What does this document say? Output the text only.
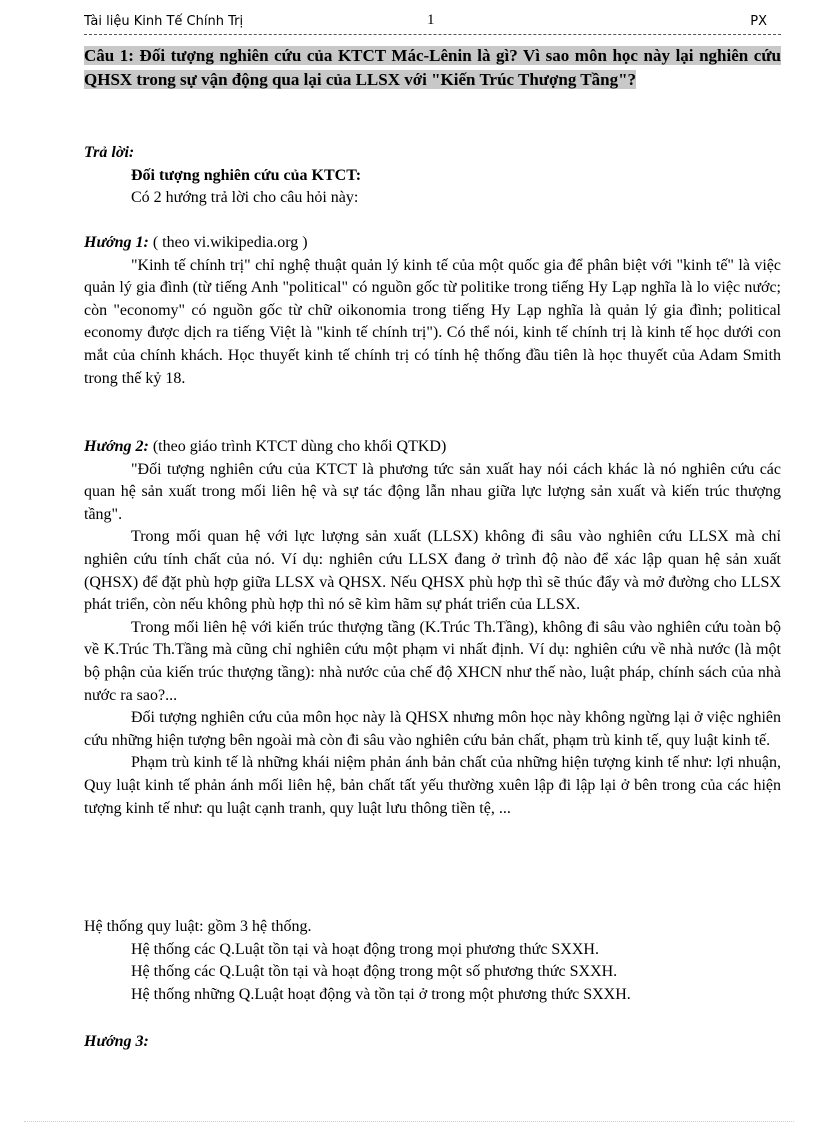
Tài liệu Kinh Tế Chính Trị	1	PX
Câu 1: Đối tượng nghiên cứu của KTCT Mác-Lênin là gì? Vì sao môn học này lại nghiên cứu QHSX trong sự vận động qua lại của LLSX với "Kiến Trúc Thượng Tầng"?

Trả lời:

Đối tượng nghiên cứu của KTCT:

Có 2 hướng trả lời cho câu hỏi này:

Hướng 1: ( theo vi.wikipedia.org )

"Kinh tế chính trị" chỉ nghệ thuật quản lý kinh tế của một quốc gia để phân biệt với "kinh tế" là việc quản lý gia đình (từ tiếng Anh "political" có nguồn gốc từ politike trong tiếng Hy Lạp nghĩa là lo việc nước; còn "economy" có nguồn gốc từ chữ oikonomia trong tiếng Hy Lạp nghĩa là quản lý gia đình; political economy được dịch ra tiếng Việt là "kinh tế chính trị"). Có thể nói, kinh tế chính trị là kinh tế học dưới con mắt của chính khách. Học thuyết kinh tế chính trị có tính hệ thống đầu tiên là học thuyết của Adam Smith trong thế kỷ 18.

Hướng 2: (theo giáo trình KTCT dùng cho khối QTKD)

"Đối tượng nghiên cứu của KTCT là phương tức sản xuất hay nói cách khác là nó nghiên cứu các quan hệ sản xuất trong mối liên hệ và sự tác động lẫn nhau giữa lực lượng sản xuất và kiến trúc thượng tầng".

Trong mối quan hệ với lực lượng sản xuất (LLSX) không đi sâu vào nghiên cứu LLSX mà chỉ nghiên cứu tính chất của nó. Ví dụ: nghiên cứu LLSX đang ở trình độ nào để xác lập quan hệ sản xuất (QHSX) để đặt phù hợp giữa LLSX và QHSX. Nếu QHSX phù hợp thì sẽ thúc đẩy và mở đường cho LLSX phát triển, còn nếu không phù hợp thì nó sẽ kìm hãm sự phát triển của LLSX.

Trong mối liên hệ với kiến trúc thượng tầng (K.Trúc Th.Tầng), không đi sâu vào nghiên cứu toàn bộ về K.Trúc Th.Tầng mà cũng chỉ nghiên cứu một phạm vi nhất định. Ví dụ: nghiên cứu về nhà nước (là một bộ phận của kiến trúc thượng tầng): nhà nước của chế độ XHCN như thế nào, luật pháp, chính sách của nhà nước ra sao?...

Đối tượng nghiên cứu của môn học này là QHSX nhưng môn học này không ngừng lại ở việc nghiên cứu những hiện tượng bên ngoài mà còn đi sâu vào nghiên cứu bản chất, phạm trù kinh tế, quy luật kinh tế.

Phạm trù kinh tế là những khái niệm phản ánh bản chất của những hiện tượng kinh tế như: lợi nhuận, Quy luật kinh tế phản ánh mối liên hệ, bản chất tất yếu thường xuên lập đi lập lại ở bên trong của các hiện tượng kinh tế như: qu luật cạnh tranh, quy luật lưu thông tiền tệ, ...

Hệ thống quy luật: gồm 3 hệ thống.

Hệ thống các Q.Luật tồn tại và hoạt động trong mọi phương thức SXXH.

Hệ thống các Q.Luật tồn tại và hoạt động trong một số phương thức SXXH.

Hệ thống những Q.Luật hoạt động và tồn tại ở trong một phương thức SXXH.

Hướng 3:
